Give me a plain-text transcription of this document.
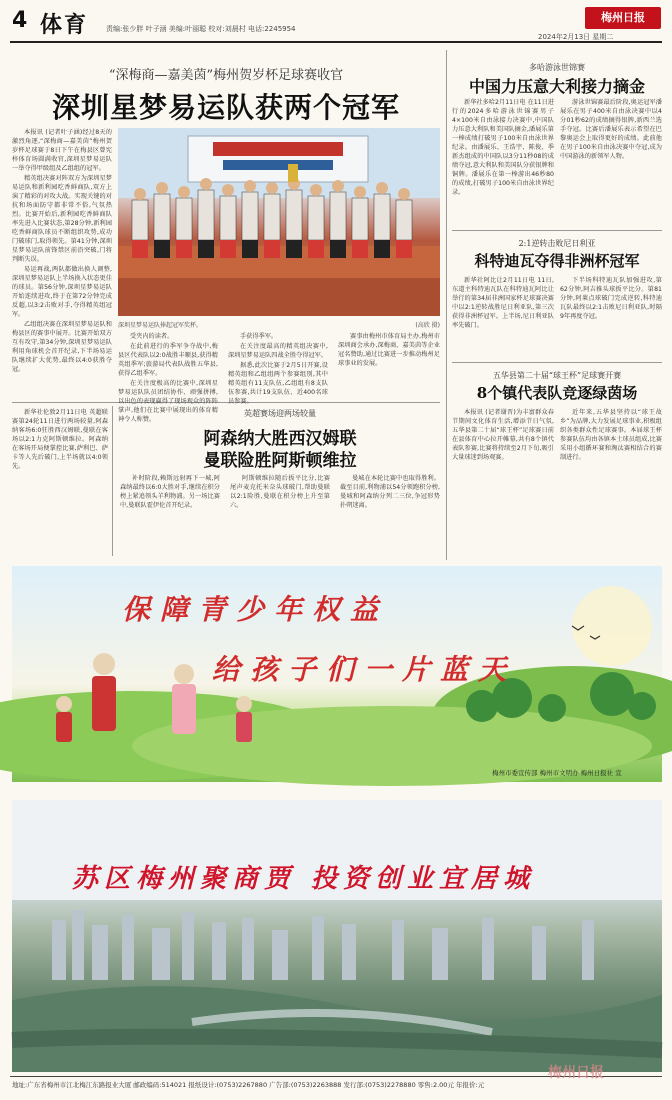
4 体育	责编:张少胖 叶子涵 美编:叶丽聪 校对:刘晨村 电话:2245954
梅州日报
2024年2月13日 星期二
“深梅商—嘉美茵”梅州贺岁杯足球赛收官
深圳星梦易运队获两个冠军

本报讯 (记者叶子涵)经过8天的激烈角逐,“深梅商—嘉美茵”梅州贺岁杯足球赛于8日下午在梅县区曾宪梓体育场圆满收官,深圳星梦易运队一举夺得甲级组及乙组组的冠军。

精英组决赛对阵双方为深圳星梦易运队和新利园吃香鲜商队,双方上演了精彩的对攻大战。实现关键的对抗和场面防守都非常不俗,气氛热烈。比赛开始后,新利园吃香鲜商队率先进入比赛状态,第28分钟,新利园吃香鲜商队球员不断组织攻势,成功门破球门,取得领先。第41分钟,深圳星梦易运队前锋禁区前沿突破,门将判断失误。

易运再战,两队都做出换人调整,深圳星梦易运队上半场换入状态更佳的球员。第56分钟,深圳星梦易运队开始连续进攻,终于在第72分钟完成反超,以3:2击败对手,夺得精英组冠军。

乙组组决赛在深圳星梦易运队和梅县区的赛事中展开。比赛开始双方互有攻守,第34分钟,深圳星梦易运队利用角球机会首开纪录,下半场易运队继续扩大优势,最终以4:0获胜夺冠。

深圳星梦易运队捧起冠军奖杯。	(高欣 摄)

受夹内的读者。

在此前进行的季军争夺战中,梅县区代表队以2:0战胜丰顺县,获得精英组季军;旅游局代表队战胜五华县,获得乙组季军。

在关注度极高的比赛中,深圳星梦易运队队员团结协作、顽强拼搏,以出色的表现赢得了现场观众的阵阵掌声,他们在比赛中展现出的体育精神令人称赞。

手获得季军。

在关注度最高的精英组决赛中,深圳星梦易运队四战全胜夺得冠军。

据悉,此次比赛于2月5日开赛,设精英组和乙组组两个参赛组别,其中精英组有11支队伍,乙组组有8支队伍参赛,共计19支队伍、近400名球员参赛。

赛事由梅州市体育局主办,梅州市深圳商会承办,深梅商、嘉美茵等企业冠名赞助,通过比赛进一步推动梅州足球事业的发展。

多哈游泳世锦赛
中国力压意大利接力摘金

新华社多哈2月11日电 在11日进行的2024多哈游泳世锦赛男子4×100米自由泳接力决赛中,中国队力压意大利队和美国队摘金,潘展乐第一棒成绩打破男子100米自由泳世界纪录。由潘展乐、王浩宇、陈俊、季新杰组成的中国队以3分11秒08的成绩夺冠,意大利队和美国队分获银牌和铜牌。潘展乐在第一棒游出46秒80的成绩,打破男子100米自由泳世界纪录。

游泳世锦赛最后阶段,奥运冠军潘展乐在男子400米自由泳决赛中以4分01秒62的成绩摘得银牌,新西兰选手夺冠。比赛后潘展乐表示希望在巴黎奥运会上取得更好的成绩。此前他在男子100米自由泳决赛中夺冠,成为中国游泳的新领军人物。

2:1逆转击败尼日利亚
科特迪瓦夺得非洲杯冠军

新华社阿比让2月11日电 11日,东道主科特迪瓦队在科特迪瓦阿比让举行的第34届非洲国家杯足球赛决赛中以2:1逆转战胜尼日利亚队,第三次获得非洲杯冠军。上半场,尼日利亚队率先破门。

下半场科特迪瓦队加强进攻,第62分钟,阿吉推头球扳平比分。第81分钟,阿莱点球破门完成逆转,科特迪瓦队最终以2:1击败尼日利亚队,时隔9年再度夺冠。

五华县第二十届“球王杯”足球赛开赛
8个镇代表队竞逐绿茵场

本报讯 (记者谢晋)为丰富群众春节期间文化体育生活,增添节日气氛,五华县第二十届“球王杯”足球赛日前在县体育中心拉开帷幕,共有8个镇代表队参赛,比赛将持续至2月下旬,吸引大量球迷到场观赛。

近年来,五华县坚持以“球王故乡”为品牌,大力发展足球事业,积极组织各类群众性足球赛事。本届球王杯参赛队伍均由各镇本土球员组成,比赛采用小组循环赛和淘汰赛相结合的赛制进行。

新华社伦敦2月11日电 英超联赛第24轮11日进行两场较量,阿森纳客场6:0狂胜西汉姆联,曼联在客场以2:1力克阿斯顿维拉。阿森纳在客场开局便掌控比赛,萨利巴、萨卡等人先后破门,上半场就以4:0领先。

英超赛场迎两场较量
阿森纳大胜西汉姆联
曼联险胜阿斯顿维拉

补时阶段,赖斯远射再下一城,阿森纳最终以6:0大胜对手,继续在积分榜上紧追领头羊利物浦。另一场比赛中,曼联队霍伊伦首开纪录。

阿斯顿维拉随后扳平比分,比赛尾声麦克托米奈头球破门,帮助曼联以2:1险胜,曼联在积分榜上升至第六。

曼城在本轮比赛中也取得胜利。截至目前,利物浦以54分领跑积分榜,曼城和阿森纳分列二三位,争冠形势扑朔迷离。

保障青少年权益
给孩子们一片蓝天
梅州市委宣传部 梅州市文明办 梅州日报社 宣
苏区梅州聚商贾 投资创业宜居城
地址:广东省梅州市江北梅江东路报业大厦 邮政编码:514021 报纸设计:(0753)2267880 广告部:(0753)2263888 发行部:(0753)2278880 零售:2.00元 年报价:元
梅州日报
